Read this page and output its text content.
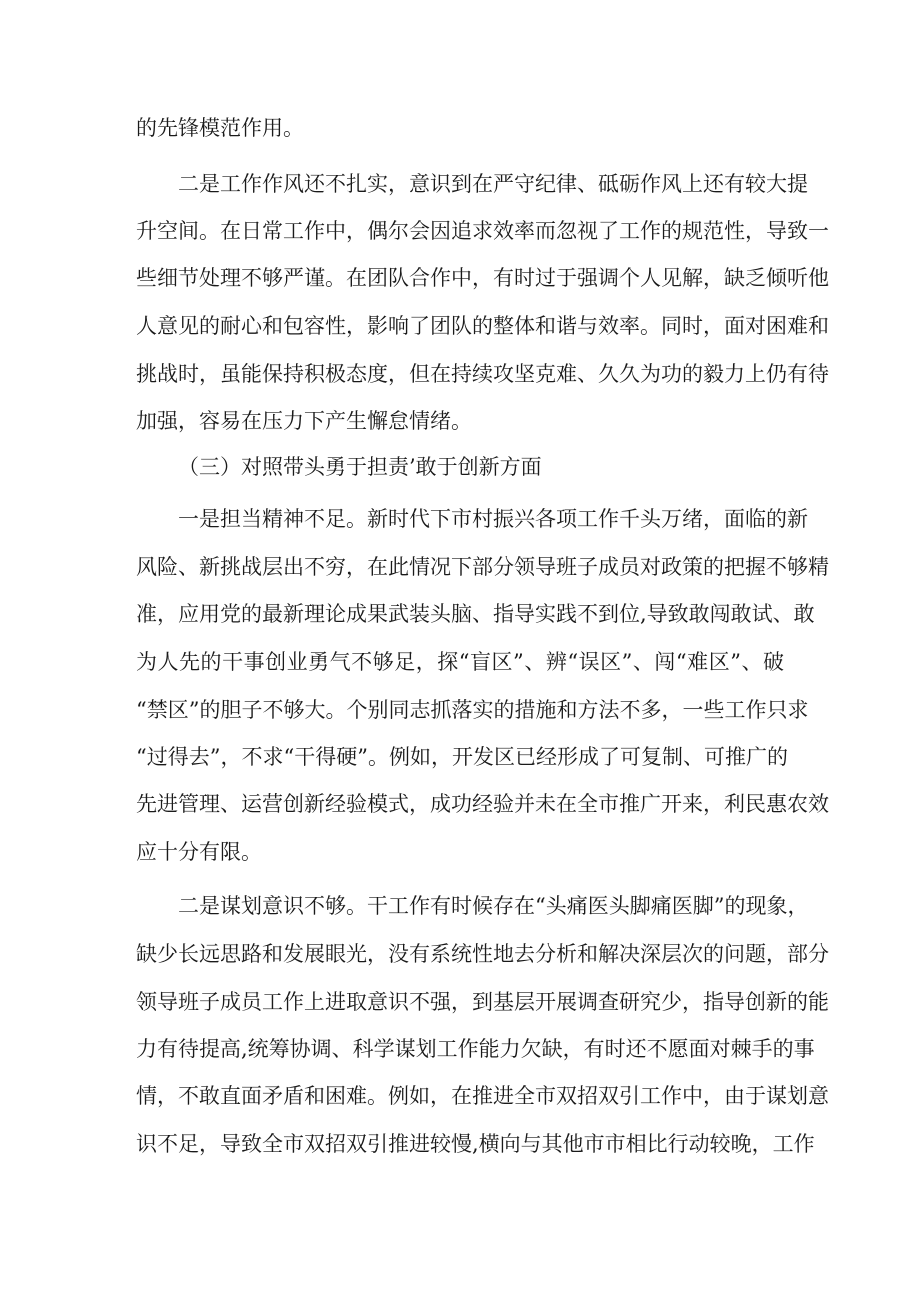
的先锋模范作用。
二是工作作风还不扎实，意识到在严守纪律、砥砺作风上还有较大提
升空间。在日常工作中，偶尔会因追求效率而忽视了工作的规范性，导致一
些细节处理不够严谨。在团队合作中，有时过于强调个人见解，缺乏倾听他
人意见的耐心和包容性，影响了团队的整体和谐与效率。同时，面对困难和
挑战时，虽能保持积极态度，但在持续攻坚克难、久久为功的毅力上仍有待
加强，容易在压力下产生懈怠情绪。
（三）对照带头勇于担责’敢于创新方面
一是担当精神不足。新时代下市村振兴各项工作千头万绪，面临的新
风险、新挑战层出不穷，在此情况下部分领导班子成员对政策的把握不够精
准，应用党的最新理论成果武装头脑、指导实践不到位,导致敢闯敢试、敢
为人先的干事创业勇气不够足，探“盲区”、辨“误区”、闯“难区”、破
“禁区”的胆子不够大。个别同志抓落实的措施和方法不多，一些工作只求
“过得去”，不求“干得硬”。例如，开发区已经形成了可复制、可推广的
先进管理、运营创新经验模式，成功经验并未在全市推广开来，利民惠农效
应十分有限。
二是谋划意识不够。干工作有时候存在“头痛医头脚痛医脚”的现象，
缺少长远思路和发展眼光，没有系统性地去分析和解决深层次的问题，部分
领导班子成员工作上进取意识不强，到基层开展调查研究少，指导创新的能
力有待提高,统筹协调、科学谋划工作能力欠缺，有时还不愿面对棘手的事
情，不敢直面矛盾和困难。例如，在推进全市双招双引工作中，由于谋划意
识不足，导致全市双招双引推进较慢,横向与其他市市相比行动较晚，工作
